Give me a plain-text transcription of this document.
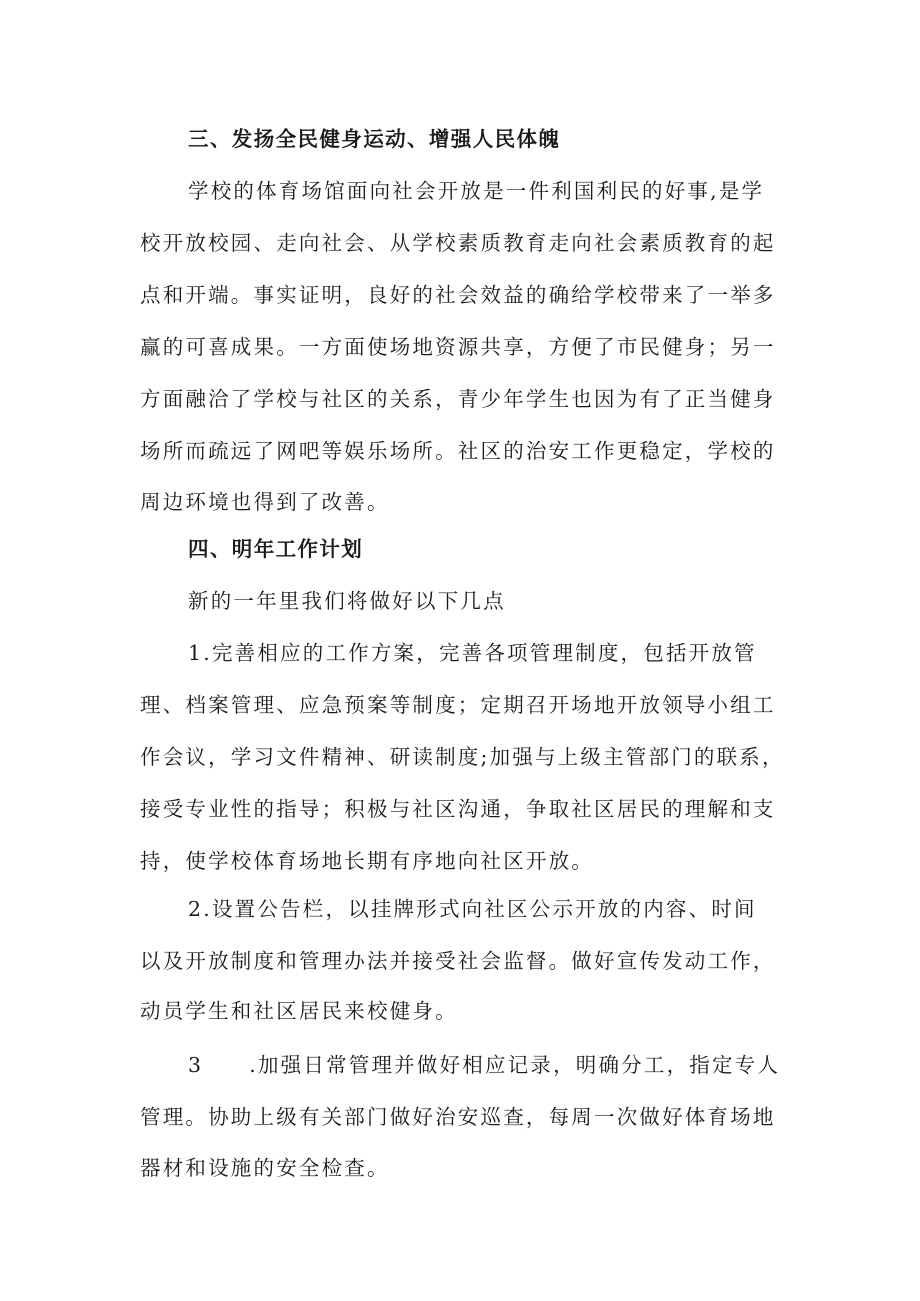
三、发扬全民健身运动、增强人民体魄
学校的体育场馆面向社会开放是一件利国利民的好事,是学
校开放校园、走向社会、从学校素质教育走向社会素质教育的起
点和开端。事实证明，良好的社会效益的确给学校带来了一举多
赢的可喜成果。一方面使场地资源共享，方便了市民健身；另一
方面融洽了学校与社区的关系，青少年学生也因为有了正当健身
场所而疏远了网吧等娱乐场所。社区的治安工作更稳定，学校的
周边环境也得到了改善。
四、明年工作计划
新的一年里我们将做好以下几点
1.完善相应的工作方案，完善各项管理制度，包括开放管
理、档案管理、应急预案等制度；定期召开场地开放领导小组工
作会议，学习文件精神、研读制度;加强与上级主管部门的联系，
接受专业性的指导；积极与社区沟通，争取社区居民的理解和支
持，使学校体育场地长期有序地向社区开放。
2.设置公告栏，以挂牌形式向社区公示开放的内容、时间
以及开放制度和管理办法并接受社会监督。做好宣传发动工作，
动员学生和社区居民来校健身。
3 .加强日常管理并做好相应记录，明确分工，指定专人
管理。协助上级有关部门做好治安巡查，每周一次做好体育场地
器材和设施的安全检查。
